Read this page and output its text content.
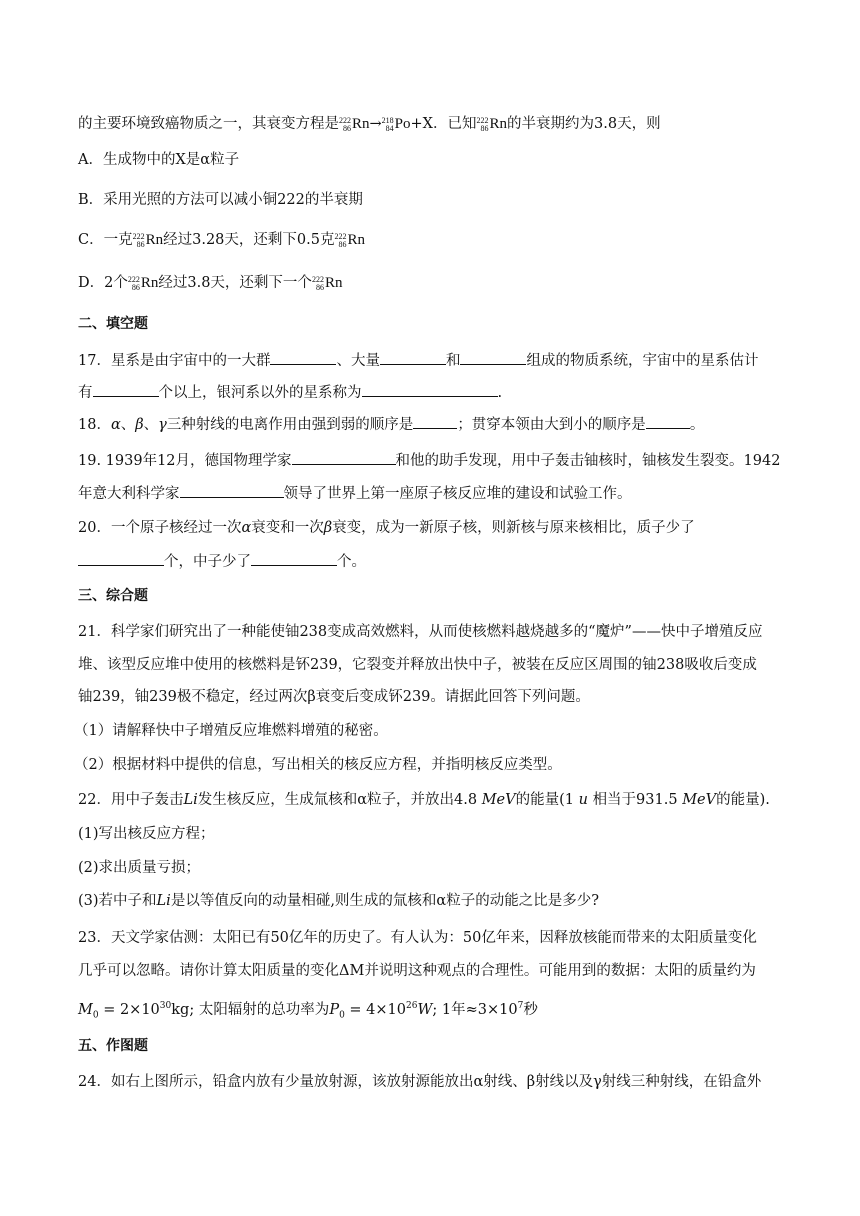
的主要环境致癌物质之一，其衰变方程是 222
86 Rn→ 218
84 Po+X．已知 222
86 Rn的半衰期约为3.8天，则
A．生成物中的X是α粒子
B．采用光照的方法可以减小铜222的半衰期
C．一克 222
86 Rn经过3.28天，还剩下0.5克 222
86 Rn
D．2个 222
86 Rn经过3.8天，还剩下一个 222
86 Rn
二、填空题
17．星系是由宇宙中的一大群	、大量	和	组成的物质系统，宇宙中的星系估计
有	个以上，银河系以外的星系称为	.
18．α、β、γ三种射线的电离作用由强到弱的顺序是	；贯穿本领由大到小的顺序是	。
19. 1939年12月，德国物理学家	和他的助手发现，用中子轰击铀核时，铀核发生裂变。1942
年意大利科学家	领导了世界上第一座原子核反应堆的建设和试验工作。
20．一个原子核经过一次α衰变和一次β衰变，成为一新原子核，则新核与原来核相比，质子少了
个，中子少了	个。
三、综合题
21．科学家们研究出了一种能使铀238变成高效燃料，从而使核燃料越烧越多的“魔炉”——快中子增殖反应
堆、该型反应堆中使用的核燃料是钚239，它裂变并释放出快中子，被装在反应区周围的铀238吸收后变成
铀239，铀239极不稳定，经过两次β衰变后变成钚239。请据此回答下列问题。
（1）请解释快中子增殖反应堆燃料增殖的秘密。
（2）根据材料中提供的信息，写出相关的核反应方程，并指明核反应类型。
22．用中子轰击Li发生核反应，生成氚核和α粒子，并放出4.8 MeV的能量(1 u 相当于931.5 MeV的能量).
(1)写出核反应方程；
(2)求出质量亏损；
(3)若中子和Li是以等值反向的动量相碰,则生成的氚核和α粒子的动能之比是多少?
23．天文学家估测：太阳已有50亿年的历史了。有人认为：50亿年来，因释放核能而带来的太阳质量变化
几乎可以忽略。请你计算太阳质量的变化ΔM并说明这种观点的合理性。可能用到的数据：太阳的质量约为
$M_0 = 2\times 10^{30}kg$; 太阳辐射的总功率为$P_0 = 4\times 10^{26}W$; 1年$\approx 3\times 10^7$秒
五、作图题
24．如右上图所示，铅盒内放有少量放射源，该放射源能放出α射线、β射线以及γ射线三种射线，在铅盒外
